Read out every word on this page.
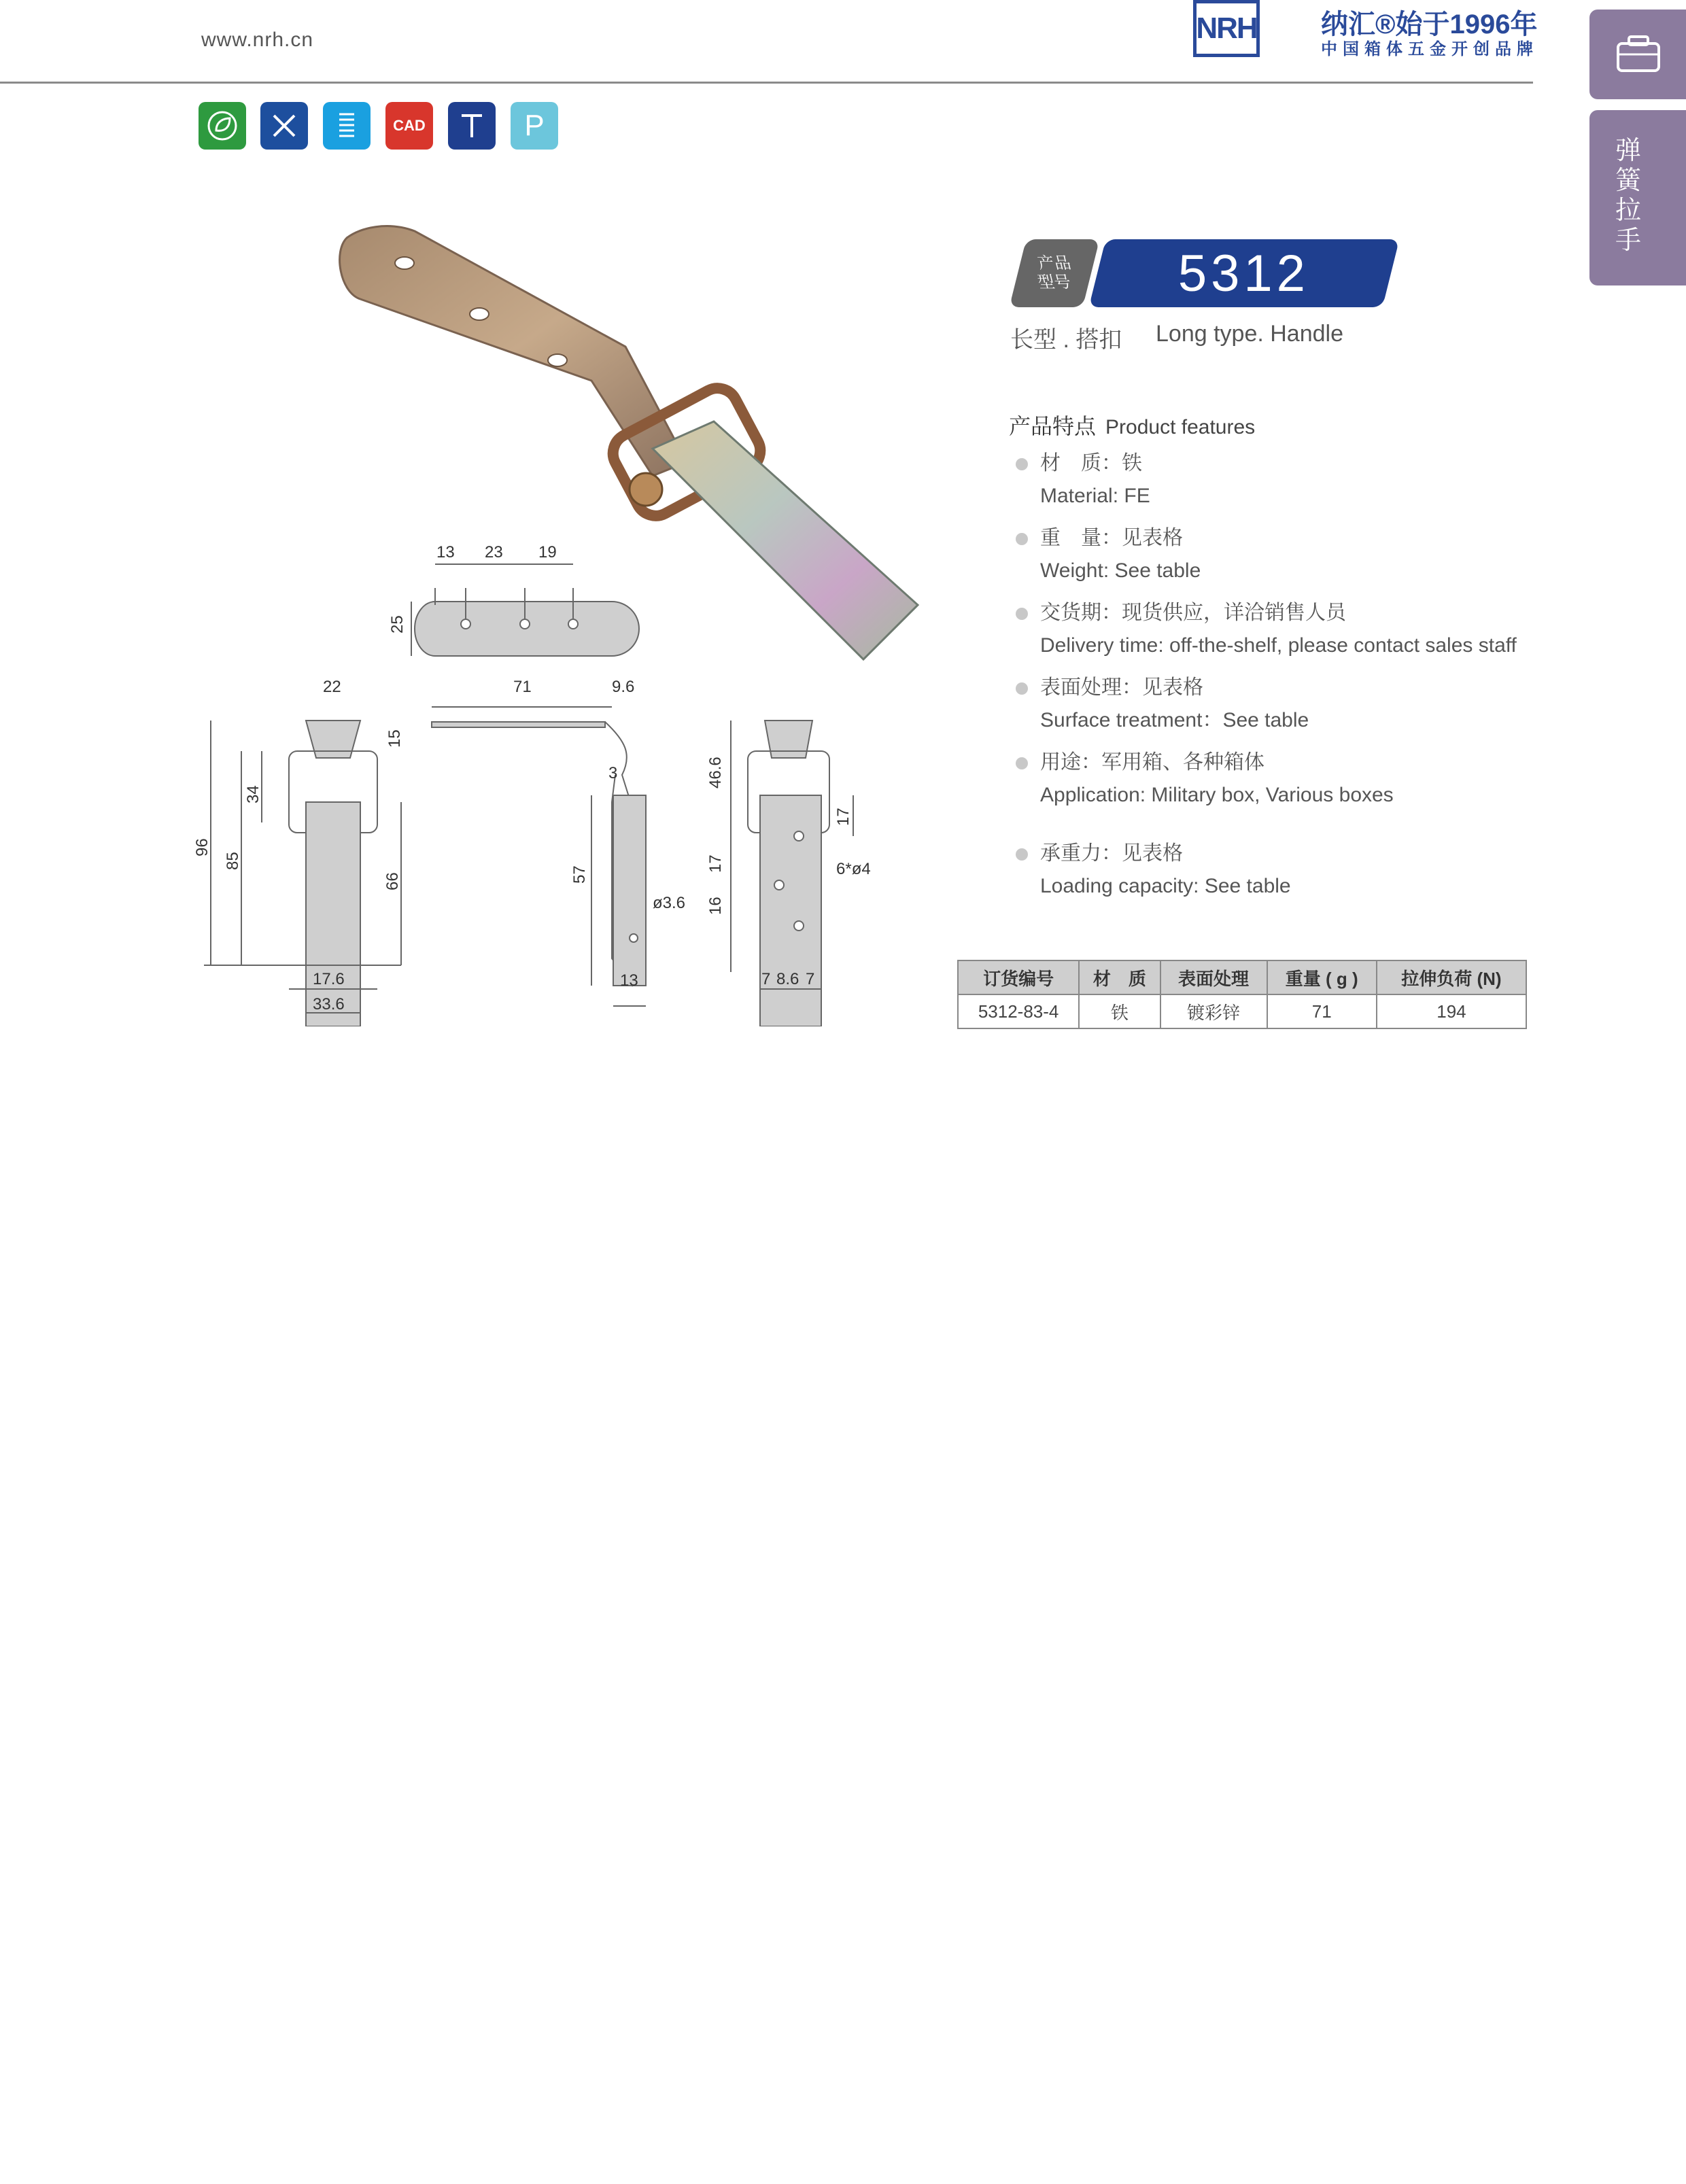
www.nrh.cn	NRH 纳汇®始于1996年
中国箱体五金开创品牌
弹簧拉手
CAD	P
13 23 19
25
22
15
34
85
96
66
17.6
33.6
71	9.6
3
57
ø3.6
13
46.6
17
17
16
6*ø4
7 8.6 7
产品
型号 5312
长型 . 搭扣 Long type. Handle
产品特点 Product features
材　质：铁
Material: FE
重　量：见表格
Weight: See table
交货期：现货供应，详洽销售人员
Delivery time: off-the-shelf, please contact sales staff
表面处理：见表格
Surface treatment：See table
用途：军用箱、各种箱体
Application: Military box, Various boxes
承重力：见表格
Loading capacity: See table
订货编号	材　质	表面处理	重量 ( g )	拉伸负荷 (N)
5312-83-4	铁	镀彩锌	71	194
